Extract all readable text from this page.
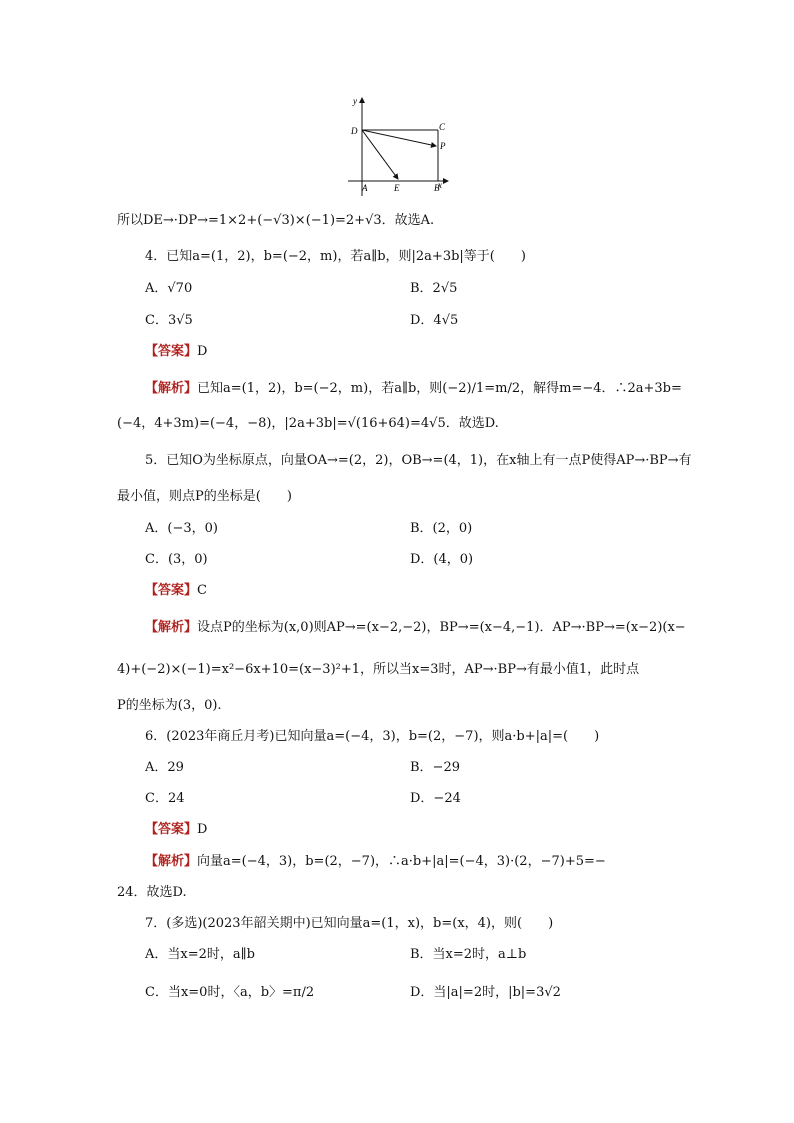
y
x
D	C
P
A	E	B
所以DE→·DP→=1×2+(−√3)×(−1)=2+√3．故选A.
4．已知a=(1，2)，b=(−2，m)，若a∥b，则|2a+3b|等于(　　)
A．√70	B．2√5
C．3√5	D．4√5
【答案】D
【解析】已知a=(1，2)，b=(−2，m)，若a∥b，则(−2)/1=m/2，解得m=−4．∴2a+3b=
(−4，4+3m)=(−4，−8)，|2a+3b|=√(16+64)=4√5．故选D.
5．已知O为坐标原点，向量OA→=(2，2)，OB→=(4，1)，在x轴上有一点P使得AP→·BP→有
最小值，则点P的坐标是(　　)
A．(−3，0)	B．(2，0)
C．(3，0)	D．(4，0)
【答案】C
【解析】设点P的坐标为(x,0)则AP→=(x−2,−2)，BP→=(x−4,−1)．AP→·BP→=(x−2)(x−
4)+(−2)×(−1)=x²−6x+10=(x−3)²+1，所以当x=3时，AP→·BP→有最小值1，此时点
P的坐标为(3，0).
6．(2023年商丘月考)已知向量a=(−4，3)，b=(2，−7)，则a·b+|a|=(　　)
A．29	B．−29
C．24	D．−24
【答案】D
【解析】向量a=(−4，3)，b=(2，−7)，∴a·b+|a|=(−4，3)·(2，−7)+5=−
24．故选D.
7．(多选)(2023年韶关期中)已知向量a=(1，x)，b=(x，4)，则(　　)
A．当x=2时，a∥b	B．当x=2时，a⊥b
C．当x=0时，〈a，b〉=π/2	D．当|a|=2时，|b|=3√2
